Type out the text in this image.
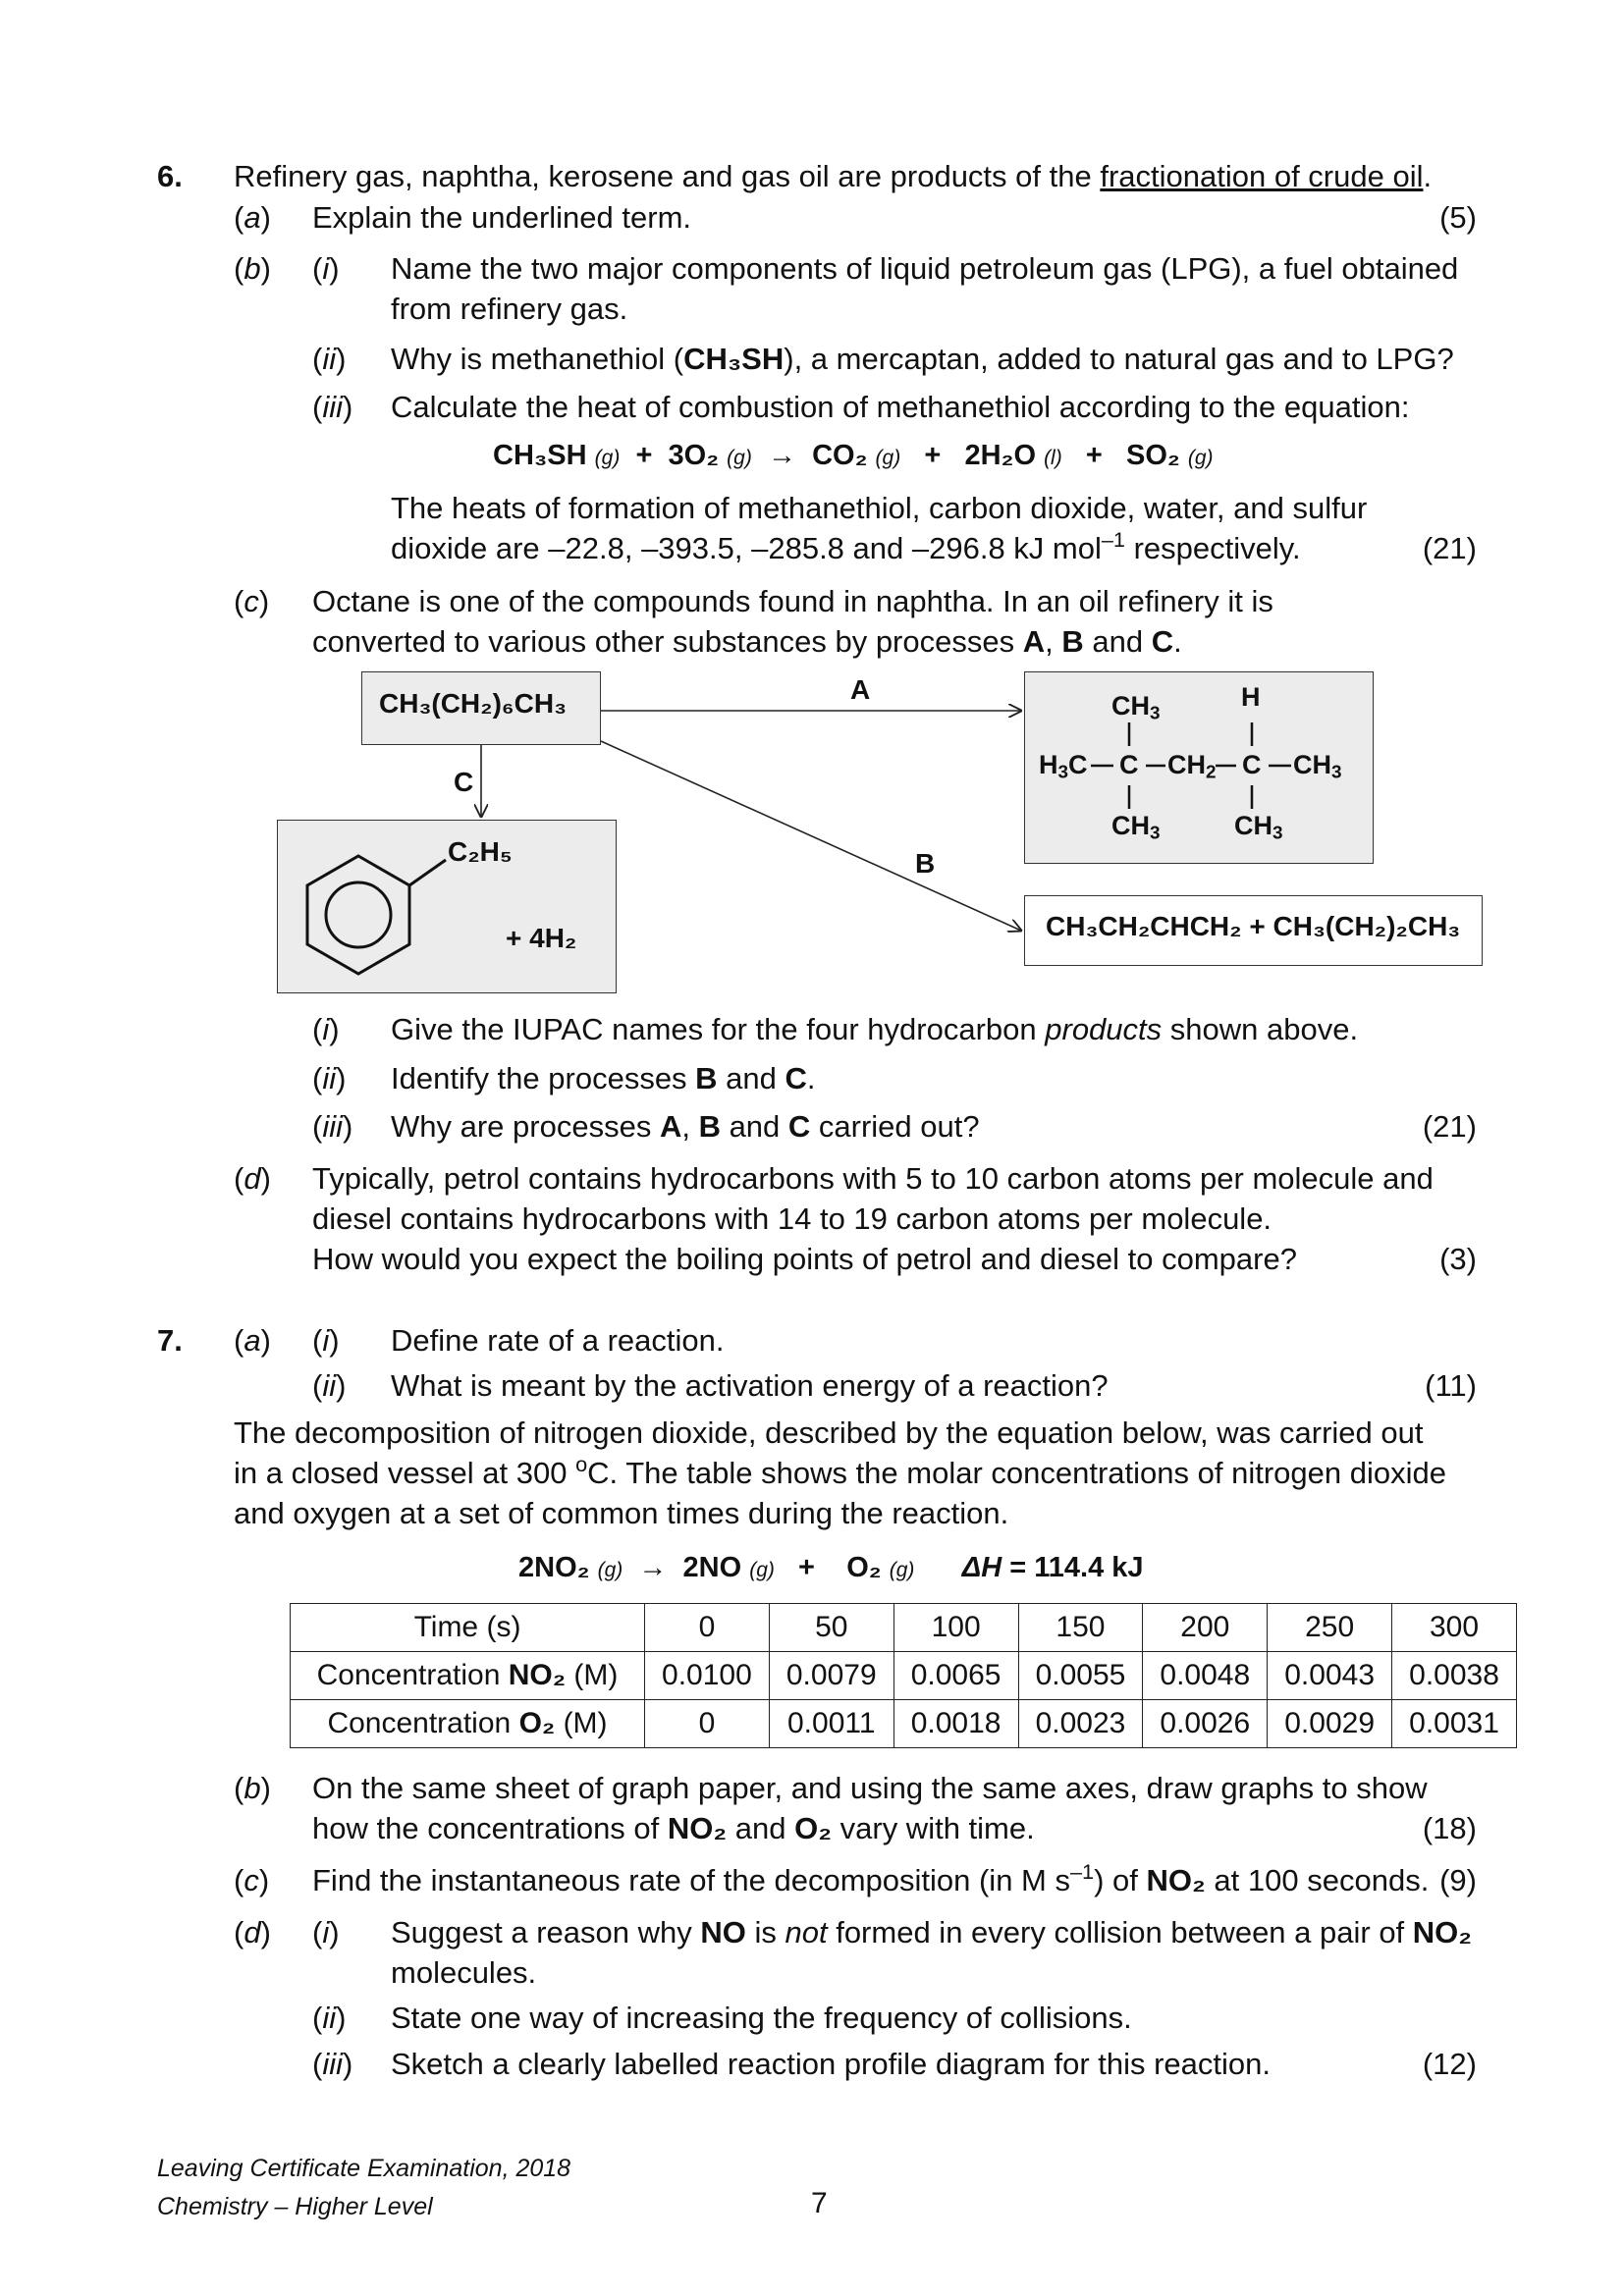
6. Refinery gas, naphtha, kerosene and gas oil are products of the fractionation of crude oil.
(a) Explain the underlined term.	(5)
(b) (i) Name the two major components of liquid petroleum gas (LPG), a fuel obtained
from refinery gas.
(ii) Why is methanethiol (CH₃SH), a mercaptan, added to natural gas and to LPG?
(iii) Calculate the heat of combustion of methanethiol according to the equation:
CH₃SH (g) + 3O₂ (g) → CO₂ (g) + 2H₂O (l) + SO₂ (g)
The heats of formation of methanethiol, carbon dioxide, water, and sulfur
dioxide are –22.8, –393.5, –285.8 and –296.8 kJ mol$^{-1}$ respectively.	(21)
(c) Octane is one of the compounds found in naphtha. In an oil refinery it is
converted to various other substances by processes A, B and C.
CH₃(CH₂)₆CH₃
C₂H₅
+ 4H₂	CH₃CH₂CHCH₂ + CH₃(CH₂)₂CH₃
A
C
B
$CH_3$
H
$H_3C$ C $CH_2$ C $CH_3$
$CH_3$	$CH_3$
(i) Give the IUPAC names for the four hydrocarbon products shown above.
(ii) Identify the processes B and C.
(iii) Why are processes A, B and C carried out?	(21)
(d) Typically, petrol contains hydrocarbons with 5 to 10 carbon atoms per molecule and
diesel contains hydrocarbons with 14 to 19 carbon atoms per molecule.
How would you expect the boiling points of petrol and diesel to compare?	(3)
7. (a) (i) Define rate of a reaction.
(ii) What is meant by the activation energy of a reaction?	(11)
The decomposition of nitrogen dioxide, described by the equation below, was carried out
in a closed vessel at 300 $^o$C. The table shows the molar concentrations of nitrogen dioxide
and oxygen at a set of common times during the reaction.
2NO₂ (g) → 2NO (g) + O₂ (g) ΔH = 114.4 kJ
Time (s)	0	50	100	150	200	250	300
Concentration NO₂ (M)	0.0100	0.0079	0.0065	0.0055	0.0048	0.0043	0.0038
Concentration O₂ (M)	0	0.0011	0.0018	0.0023	0.0026	0.0029	0.0031
(b) On the same sheet of graph paper, and using the same axes, draw graphs to show
how the concentrations of NO₂ and O₂ vary with time.	(18)
(c) Find the instantaneous rate of the decomposition (in M $s^{-1}$) of NO₂ at 100 seconds. (9)
(d) (i) Suggest a reason why NO is not formed in every collision between a pair of NO₂
molecules.
(ii) State one way of increasing the frequency of collisions.
(iii) Sketch a clearly labelled reaction profile diagram for this reaction.	(12)
Leaving Certificate Examination, 2018
Chemistry – Higher Level	7
